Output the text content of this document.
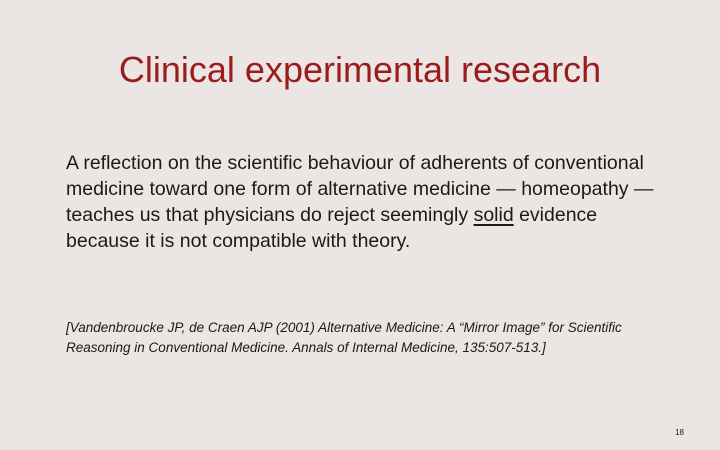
Clinical experimental research

A reflection on the scientific behaviour of adherents of conventional medicine toward one form of alternative medicine — homeopathy — teaches us that physicians do reject seemingly solid evidence because it is not compatible with theory.

[Vandenbroucke JP, de Craen AJP (2001) Alternative Medicine: A “Mirror Image” for Scientific Reasoning in Conventional Medicine. Annals of Internal Medicine, 135:507-513.]

18
